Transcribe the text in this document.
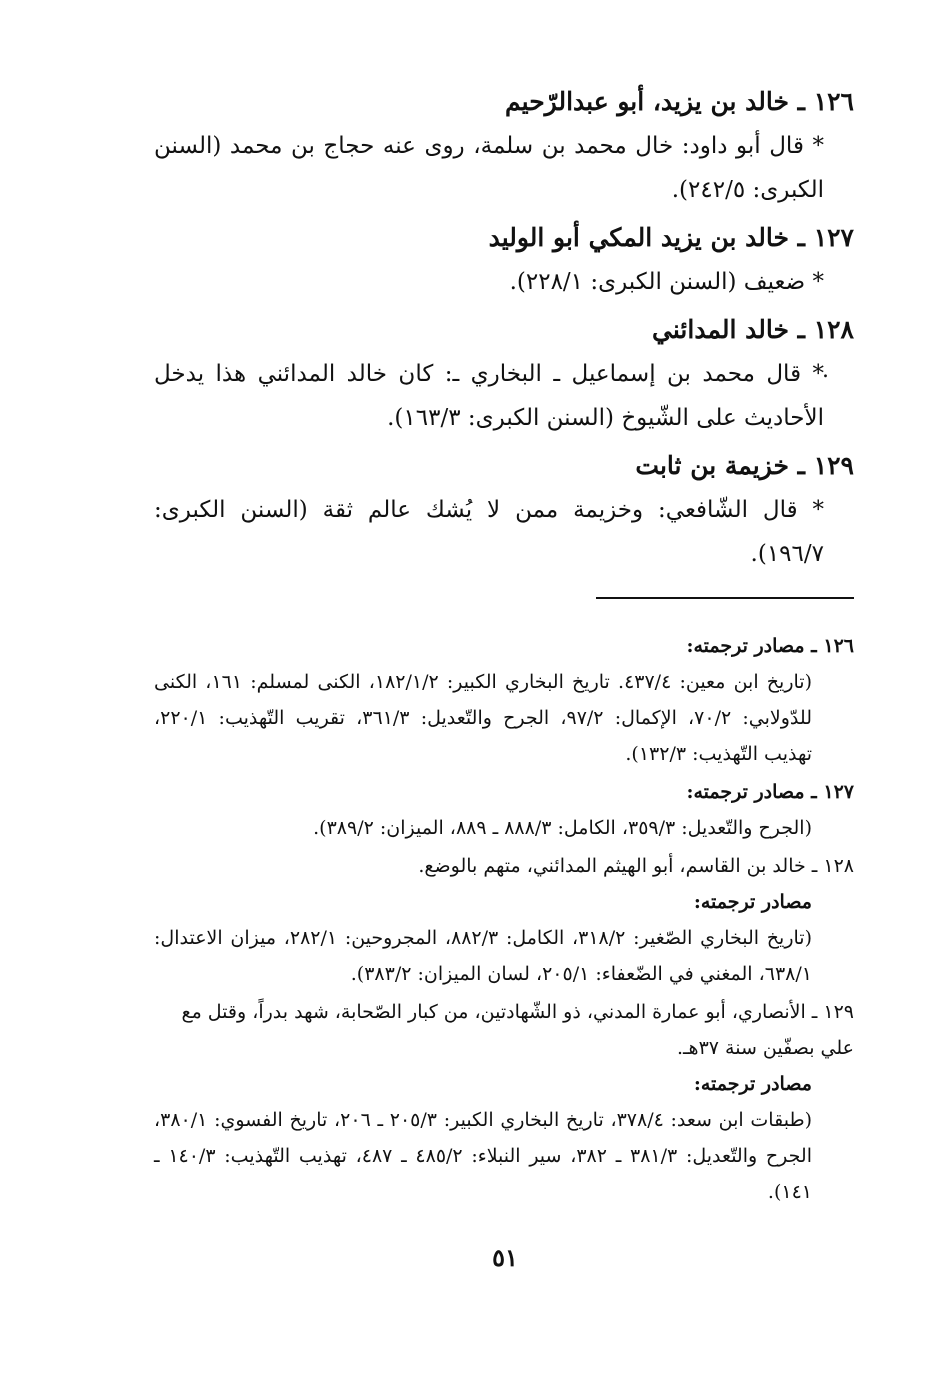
١٢٦ ـ خالد بن يزيد، أبو عبدالرّحيم

* قال أبو داود: خال محمد بن سلمة، روى عنه حجاج بن محمد (السنن الكبرى: ٢٤٢/٥).

١٢٧ ـ خالد بن يزيد المكي أبو الوليد

* ضعيف (السنن الكبرى: ٢٢٨/١).

١٢٨ ـ خالد المدائني

* قال محمد بن إسماعيل ـ البخاري ـ: كان خالد المدائني هذا يدخل الأحاديث على الشّيوخ (السنن الكبرى: ١٦٣/٣).

١٢٩ ـ خزيمة بن ثابت

* قال الشّافعي: وخزيمة ممن لا يُشك عالم ثقة (السنن الكبرى: ١٩٦/٧).

.
١٢٦ ـ مصادر ترجمته:
(تاريخ ابن معين: ٤٣٧/٤. تاريخ البخاري الكبير: ١٨٢/١/٢، الكنى لمسلم: ١٦١، الكنى للدّولابي: ٧٠/٢، الإكمال: ٩٧/٢، الجرح والتّعديل: ٣٦١/٣، تقريب التّهذيب: ٢٢٠/١، تهذيب التّهذيب: ١٣٢/٣).
١٢٧ ـ مصادر ترجمته:
(الجرح والتّعديل: ٣٥٩/٣، الكامل: ٨٨٨/٣ ـ ٨٨٩، الميزان: ٣٨٩/٢).
١٢٨ ـ خالد بن القاسم، أبو الهيثم المدائني، متهم بالوضع.
مصادر ترجمته:
(تاريخ البخاري الصّغير: ٣١٨/٢، الكامل: ٨٨٢/٣، المجروحين: ٢٨٢/١، ميزان الاعتدال: ٦٣٨/١، المغني في الضّعفاء: ٢٠٥/١، لسان الميزان: ٣٨٣/٢).
١٢٩ ـ الأنصاري، أبو عمارة المدني، ذو الشّهادتين، من كبار الصّحابة، شهد بدراً، وقتل مع علي بصفّين سنة ٣٧هـ.
مصادر ترجمته:
(طبقات ابن سعد: ٣٧٨/٤، تاريخ البخاري الكبير: ٢٠٥/٣ ـ ٢٠٦، تاريخ الفسوي: ٣٨٠/١، الجرح والتّعديل: ٣٨١/٣ ـ ٣٨٢، سير النبلاء: ٤٨٥/٢ ـ ٤٨٧، تهذيب التّهذيب: ١٤٠/٣ ـ ١٤١).
٥١
